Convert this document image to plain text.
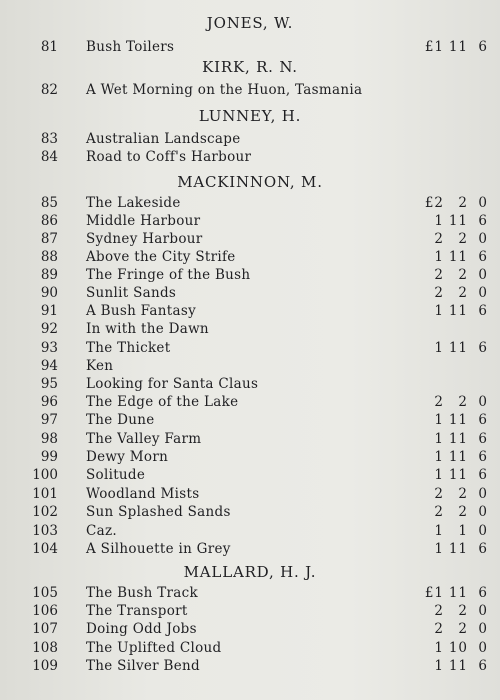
JONES, W.
81 Bush Toilers	£1 11 6
KIRK, R. N.
82 A Wet Morning on the Huon, Tasmania
LUNNEY, H.
83 Australian Landscape
84 Road to Coff's Harbour
MACKINNON, M.
85 The Lakeside	£2 2 0
86 Middle Harbour	1 11 6
87 Sydney Harbour	2 2 0
88 Above the City Strife	1 11 6
89 The Fringe of the Bush	2 2 0
90 Sunlit Sands	2 2 0
91 A Bush Fantasy	1 11 6
92 In with the Dawn
93 The Thicket	1 11 6
94 Ken
95 Looking for Santa Claus
96 The Edge of the Lake	2 2 0
97 The Dune	1 11 6
98 The Valley Farm	1 11 6
99 Dewy Morn	1 11 6
100 Solitude	1 11 6
101 Woodland Mists	2 2 0
102 Sun Splashed Sands	2 2 0
103 Caz.	1 1 0
104 A Silhouette in Grey	1 11 6
MALLARD, H. J.
105 The Bush Track	£1 11 6
106 The Transport	2 2 0
107 Doing Odd Jobs	2 2 0
108 The Uplifted Cloud	1 10 0
109 The Silver Bend	1 11 6
